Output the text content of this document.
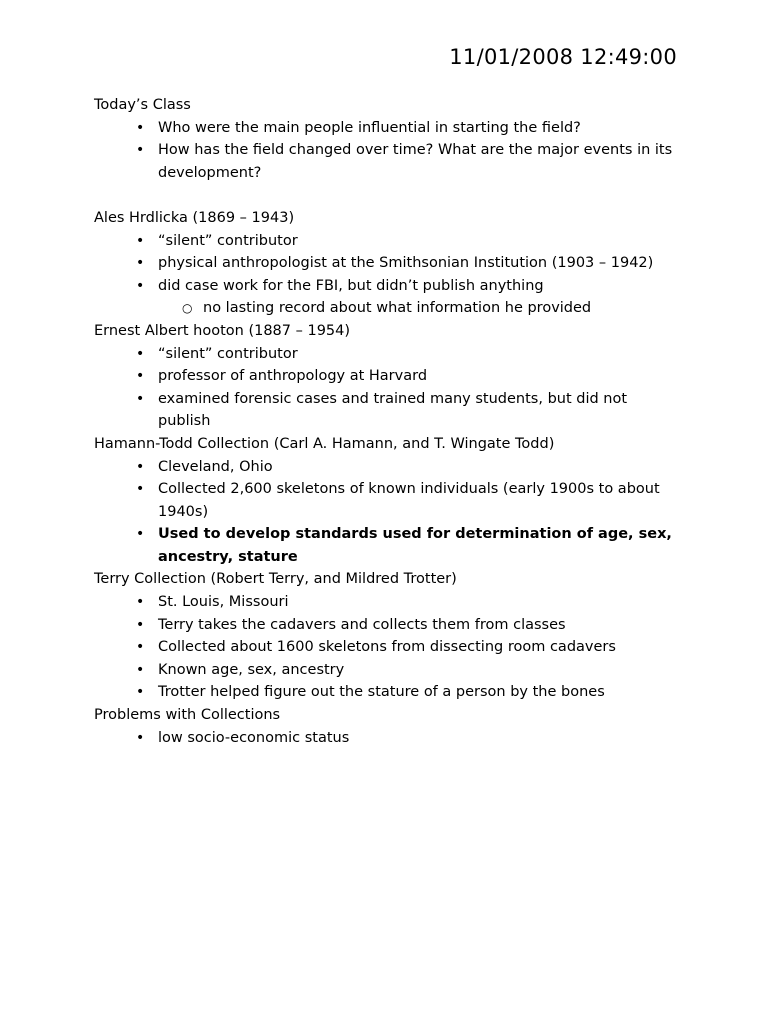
11/01/2008 12:49:00
Today’s Class
• Who were the main people influential in starting the field?
• How has the field changed over time? What are the major events in its development?
Ales Hrdlicka (1869 – 1943)
• “silent” contributor
• physical anthropologist at the Smithsonian Institution (1903 – 1942)
• did case work for the FBI, but didn’t publish anything
○ no lasting record about what information he provided
Ernest Albert hooton (1887 – 1954)
• “silent” contributor
• professor of anthropology at Harvard
• examined forensic cases and trained many students, but did not publish
Hamann-Todd Collection (Carl A. Hamann, and T. Wingate Todd)
• Cleveland, Ohio
• Collected 2,600 skeletons of known individuals (early 1900s to about 1940s)
• Used to develop standards used for determination of age, sex, ancestry, stature
Terry Collection (Robert Terry, and Mildred Trotter)
• St. Louis, Missouri
• Terry takes the cadavers and collects them from classes
• Collected about 1600 skeletons from dissecting room cadavers
• Known age, sex, ancestry
• Trotter helped figure out the stature of a person by the bones
Problems with Collections
• low socio-economic status
